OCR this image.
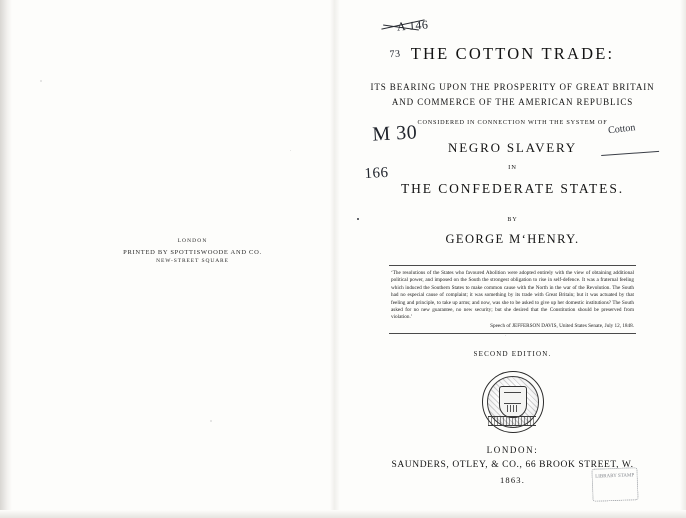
LONDON
PRINTED BY SPOTTISWOODE AND CO.
NEW-STREET SQUARE
THE COTTON TRADE:
ITS BEARING UPON THE PROSPERITY OF GREAT BRITAIN
AND COMMERCE OF THE AMERICAN REPUBLICS
CONSIDERED IN CONNECTION WITH THE SYSTEM OF
NEGRO SLAVERY
IN
THE CONFEDERATE STATES.
BY
GEORGE M‘HENRY.
‘The resolutions of the States who favoured Abolition were adopted entirely with the view of obtaining additional political power, and imposed on the South the strongest obligation to rise in self-defence. It was a fraternal feeling which induced the Southern States to make common cause with the North in the war of the Revolution. The South had no especial cause of complaint; it was something by its trade with Great Britain; but it was actuated by that feeling and principle, to take up arms; and now, was she to be asked to give up her domestic institutions? The South asked for no new guarantee, no new security; but she desired that the Constitution should be preserved from violation.’
Speech of JEFFERSON DAVIS, United States Senate, July 12, 1848.
SECOND EDITION.
LONDON:
SAUNDERS, OTLEY, & CO., 66 BROOK STREET, W.
1863.

A 146

73

M 30

166

Cotton

LIBRARY STAMP
